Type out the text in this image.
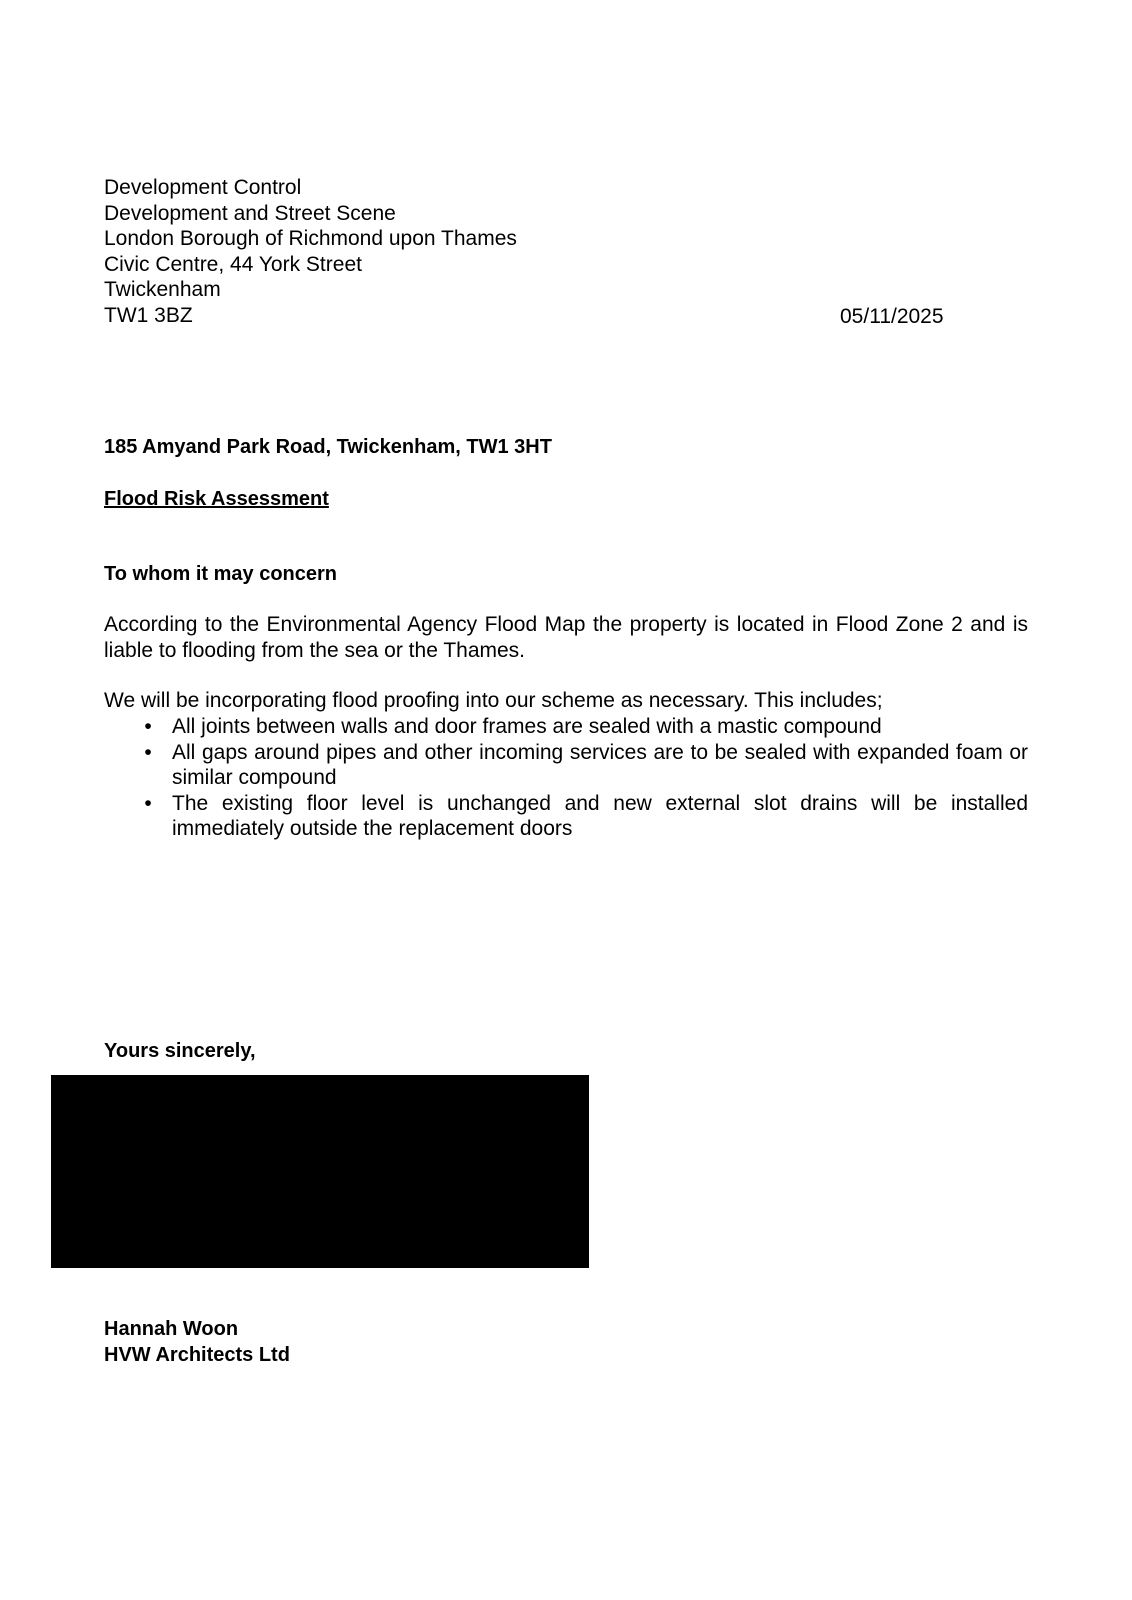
Development Control
Development and Street Scene
London Borough of Richmond upon Thames
Civic Centre, 44 York Street
Twickenham
TW1 3BZ	05/11/2025
185 Amyand Park Road, Twickenham, TW1 3HT
Flood Risk Assessment
To whom it may concern
According to the Environmental Agency Flood Map the property is located in Flood Zone 2 and is liable to flooding from the sea or the Thames.
We will be incorporating flood proofing into our scheme as necessary. This includes;
• All joints between walls and door frames are sealed with a mastic compound
• All gaps around pipes and other incoming services are to be sealed with expanded foam or similar compound
• The existing floor level is unchanged and new external slot drains will be installed immediately outside the replacement doors
Yours sincerely,
Hannah Woon
HVW Architects Ltd
